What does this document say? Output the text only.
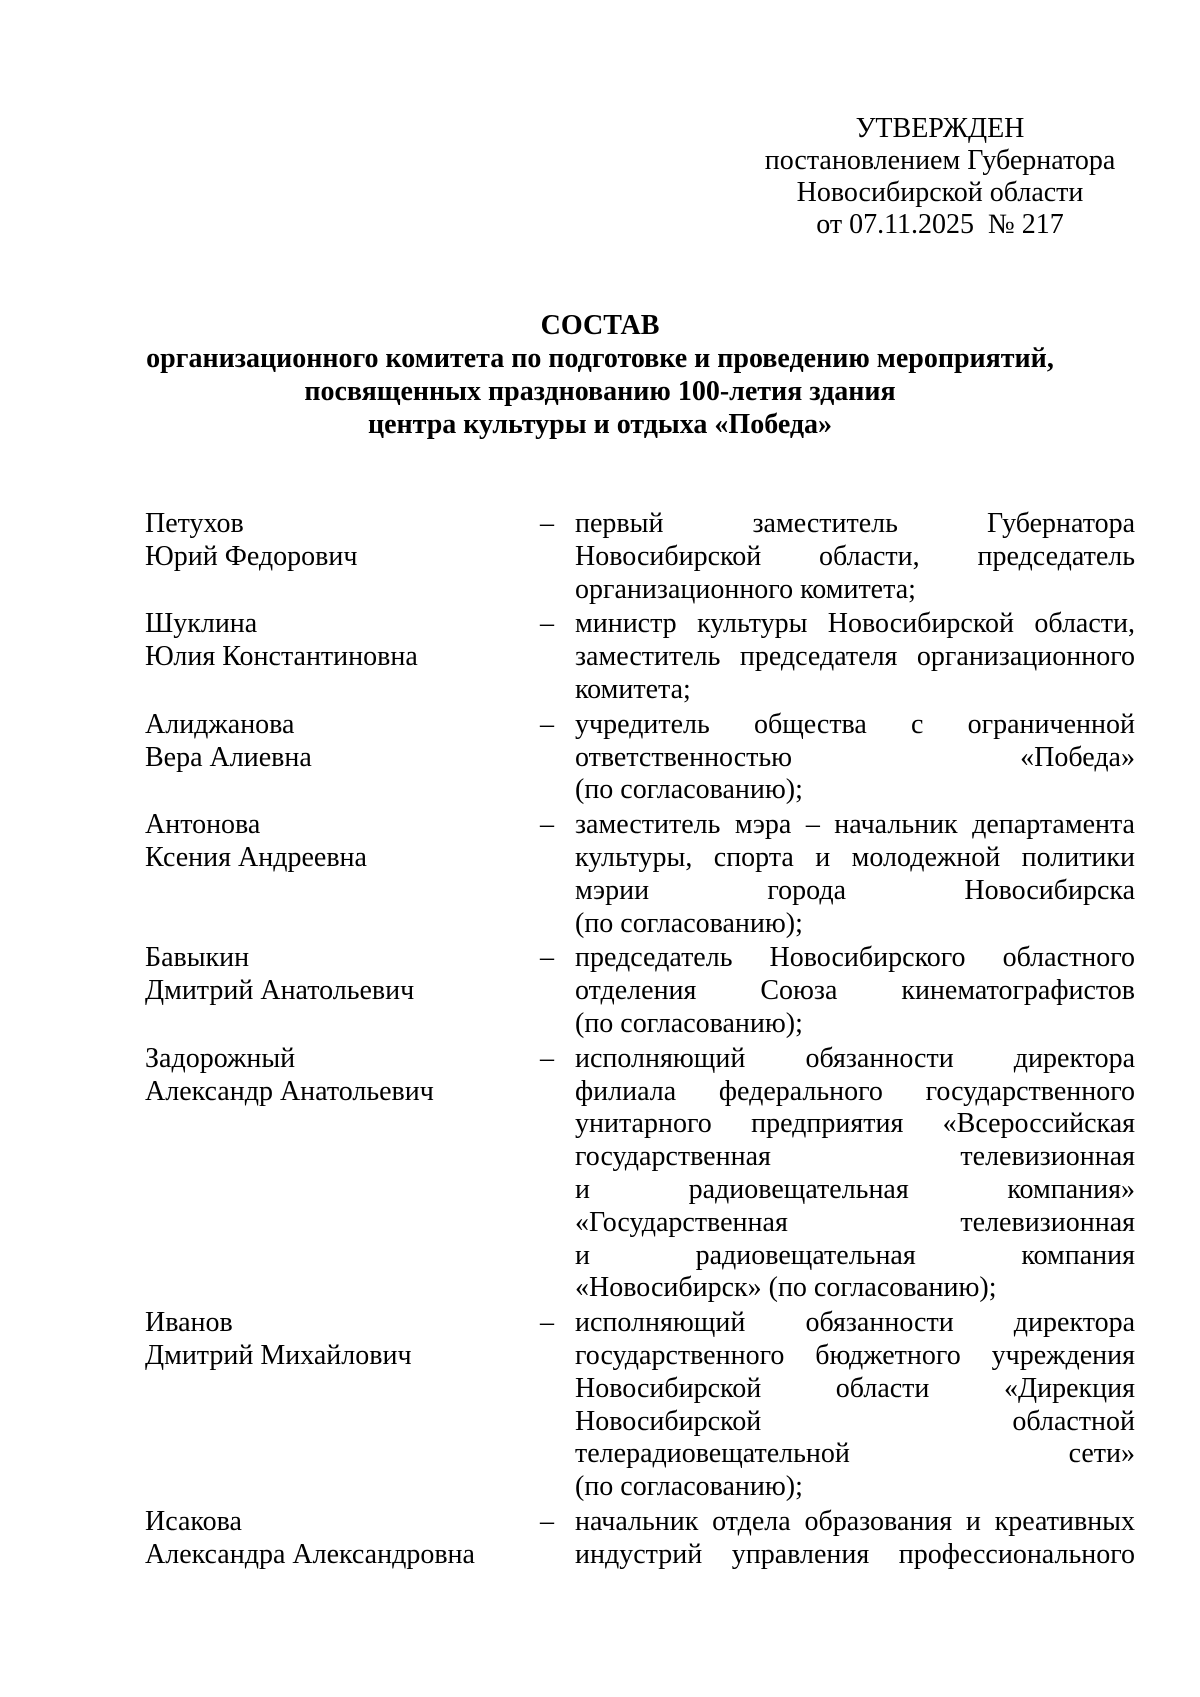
УТВЕРЖДЕН
постановлением Губернатора
Новосибирской области
от 07.11.2025  № 217
СОСТАВ
организационного комитета по подготовке и проведению мероприятий,
посвященных празднованию 100-летия здания
центра культуры и отдыха «Победа»
Петухов
Юрий Федорович
– первый заместитель Губернатора
Новосибирской области, председатель
организационного комитета;
Шуклина
Юлия Константиновна
– министр культуры Новосибирской области,
заместитель председателя организационного
комитета;
Алиджанова
Вера Алиевна
– учредитель общества с ограниченной
ответственностью «Победа»
(по согласованию);
Антонова
Ксения Андреевна
– заместитель мэра – начальник департамента
культуры, спорта и молодежной политики
мэрии города Новосибирска
(по согласованию);
Бавыкин
Дмитрий Анатольевич
– председатель Новосибирского областного
отделения Союза кинематографистов
(по согласованию);
Задорожный
Александр Анатольевич
– исполняющий обязанности директора
филиала федерального государственного
унитарного предприятия «Всероссийская
государственная телевизионная
и радиовещательная компания»
«Государственная телевизионная
и радиовещательная компания
«Новосибирск» (по согласованию);
Иванов
Дмитрий Михайлович
– исполняющий обязанности директора
государственного бюджетного учреждения
Новосибирской области «Дирекция
Новосибирской областной
телерадиовещательной сети»
(по согласованию);
Исакова
Александра Александровна
– начальник отдела образования и креативных
индустрий управления профессионального
